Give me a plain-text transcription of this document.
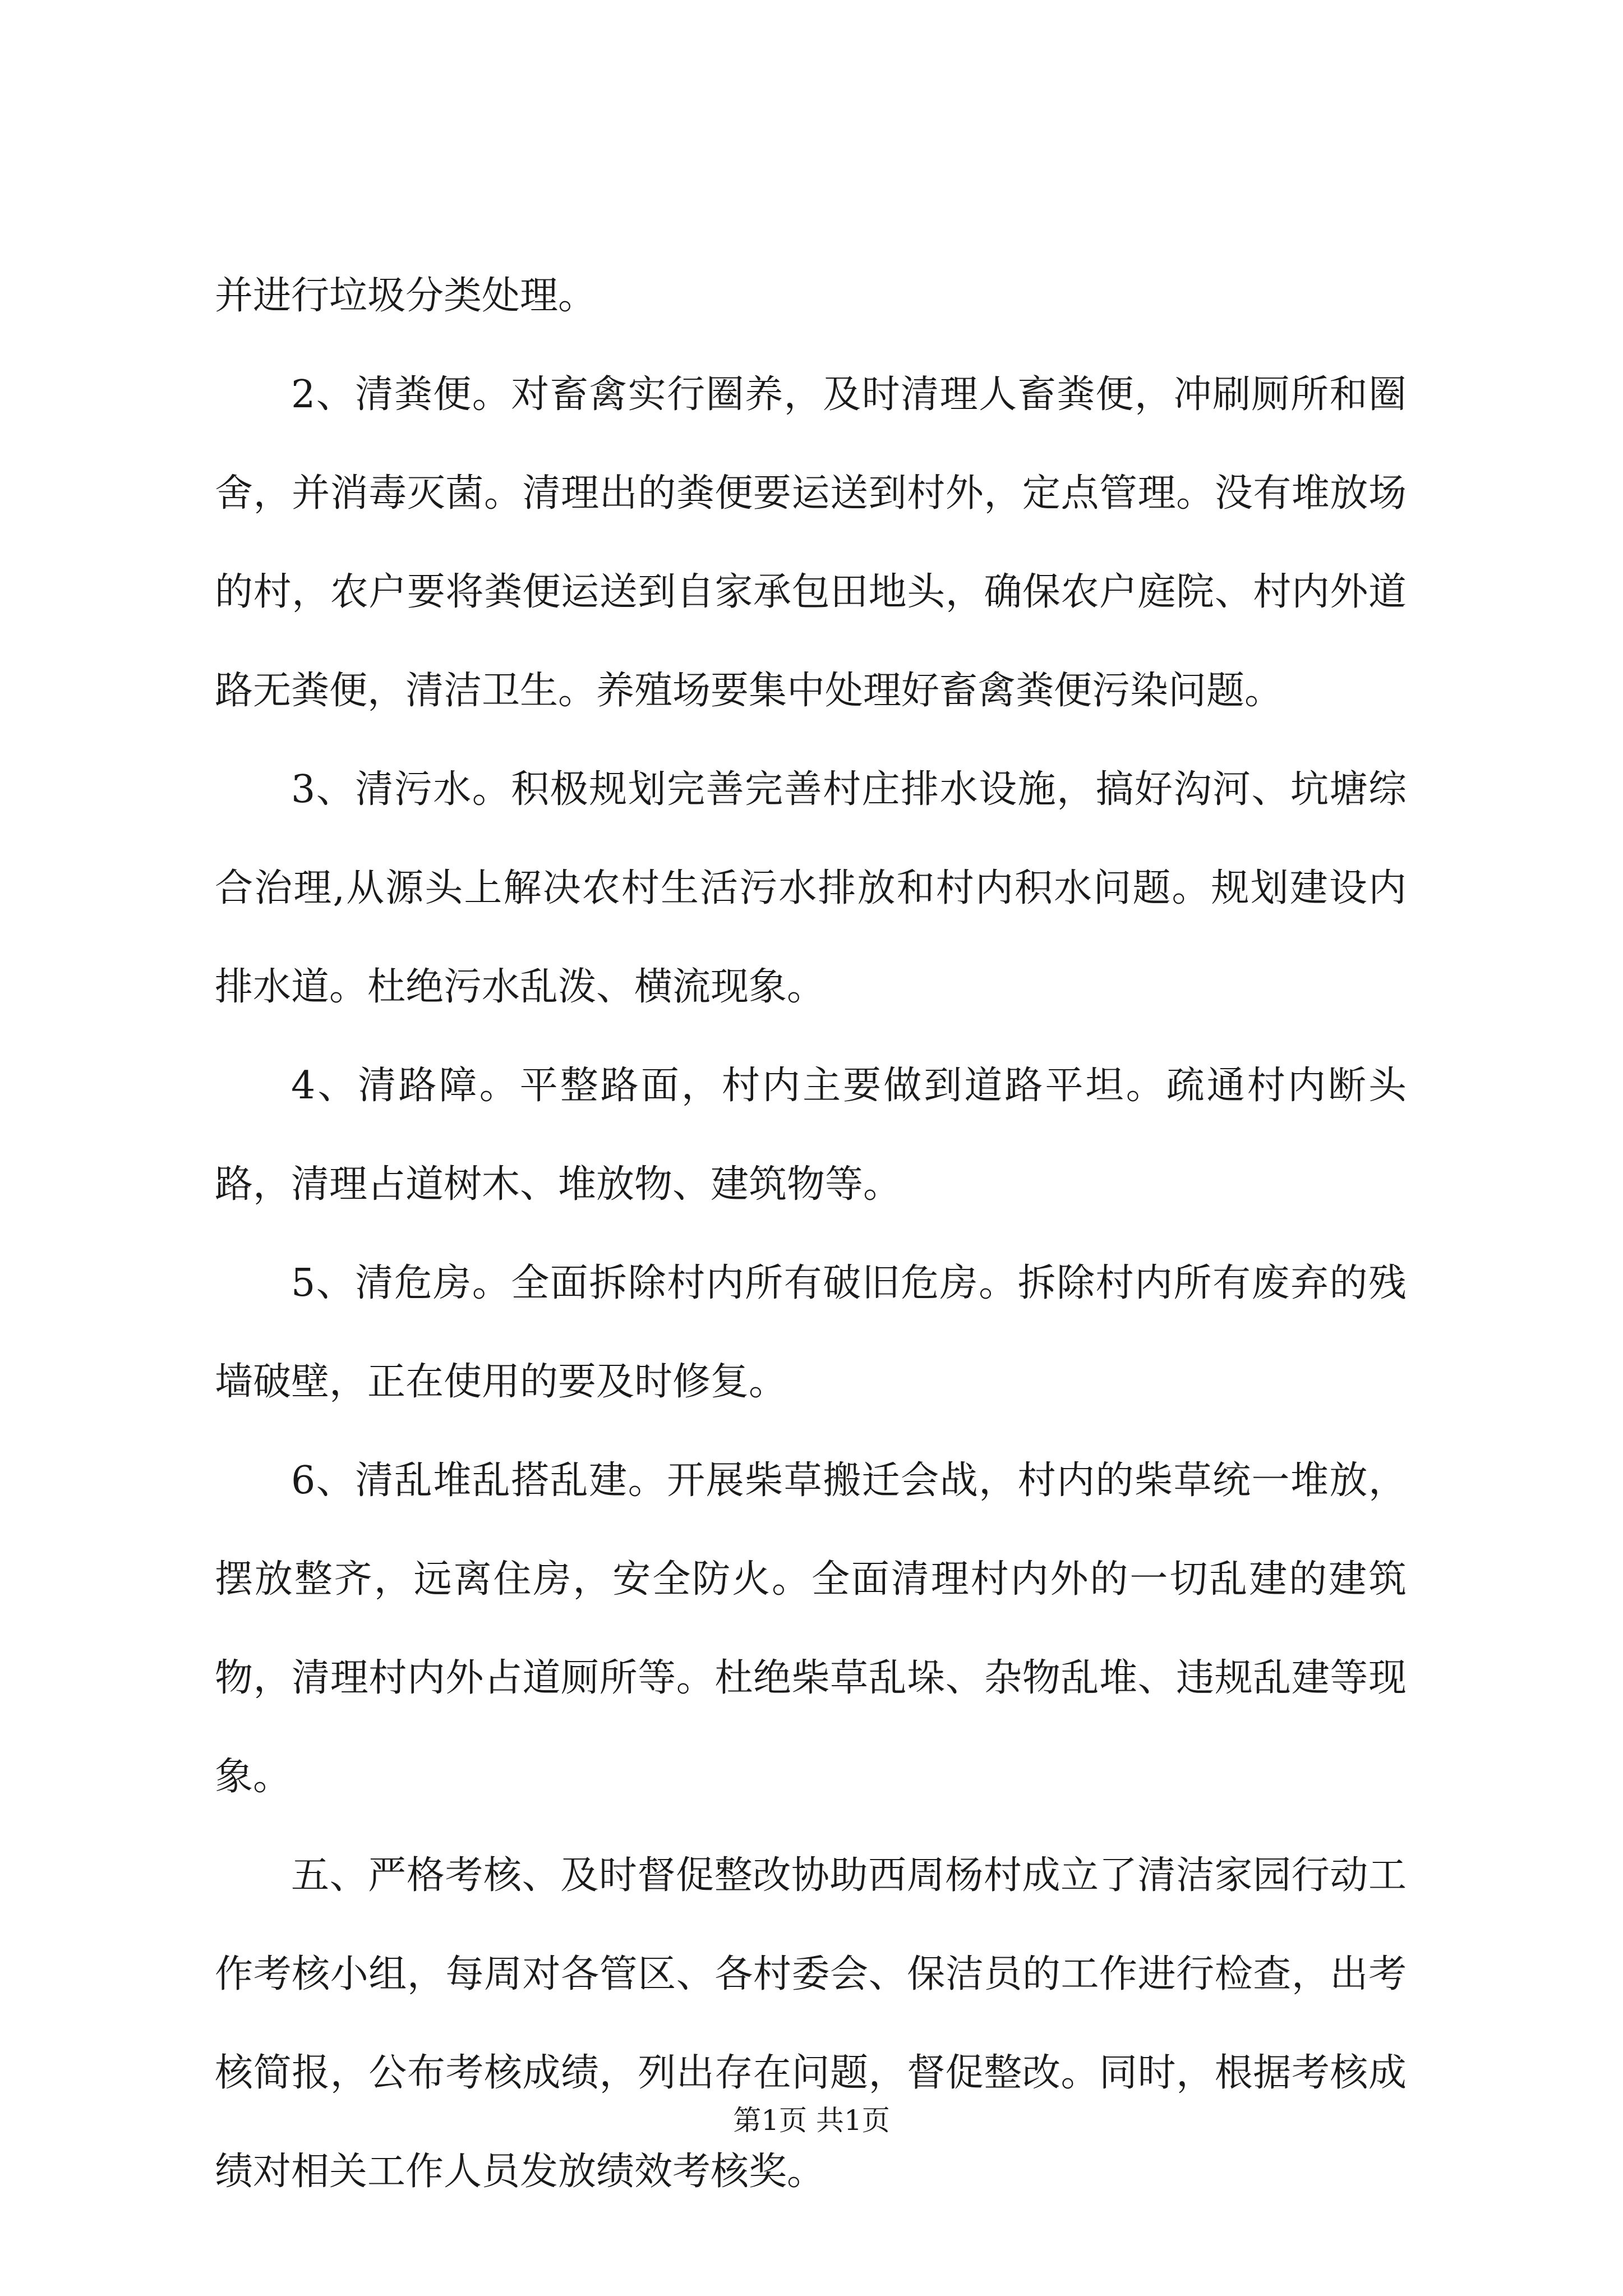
并进行垃圾分类处理。

2、清粪便。对畜禽实行圈养，及时清理人畜粪便，冲刷厕所和圈舍，并消毒灭菌。清理出的粪便要运送到村外，定点管理。没有堆放场的村，农户要将粪便运送到自家承包田地头，确保农户庭院、村内外道路无粪便，清洁卫生。养殖场要集中处理好畜禽粪便污染问题。

3、清污水。积极规划完善完善村庄排水设施，搞好沟河、坑塘综合治理,从源头上解决农村生活污水排放和村内积水问题。规划建设内排水道。杜绝污水乱泼、横流现象。

4、清路障。平整路面，村内主要做到道路平坦。疏通村内断头路，清理占道树木、堆放物、建筑物等。

5、清危房。全面拆除村内所有破旧危房。拆除村内所有废弃的残墙破壁，正在使用的要及时修复。

6、清乱堆乱搭乱建。开展柴草搬迁会战，村内的柴草统一堆放，摆放整齐，远离住房，安全防火。全面清理村内外的一切乱建的建筑物，清理村内外占道厕所等。杜绝柴草乱垛、杂物乱堆、违规乱建等现象。

五、严格考核、及时督促整改协助西周杨村成立了清洁家园行动工作考核小组，每周对各管区、各村委会、保洁员的工作进行检查，出考核简报，公布考核成绩，列出存在问题，督促整改。同时，根据考核成绩对相关工作人员发放绩效考核奖。

第1页 共1页
